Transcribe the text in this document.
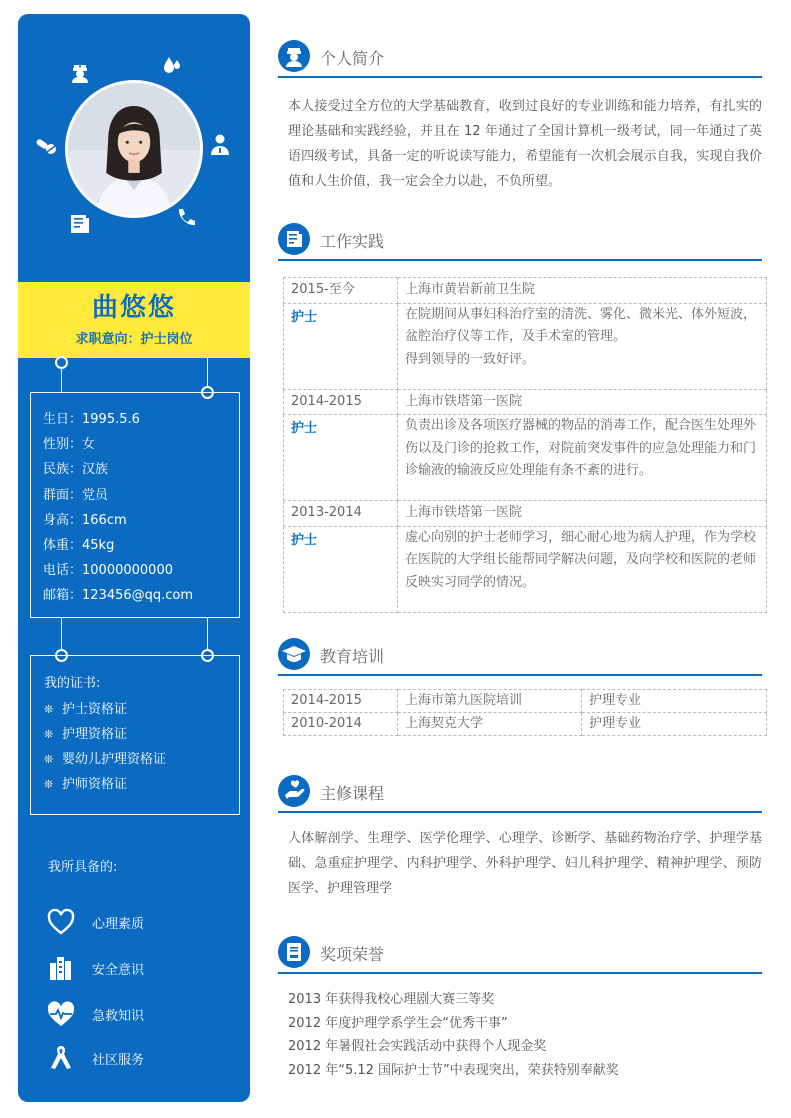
曲悠悠
求职意向：护士岗位
生日：1995.5.6
性别：女
民族：汉族
群面：党员
身高：166cm
体重：45kg
电话：10000000000
邮箱：123456@qq.com
我的证书:
❊ 护士资格证
❊ 护理资格证
❊ 婴幼儿护理资格证
❊ 护师资格证
我所具备的:
心理素质
安全意识
急救知识
社区服务
个人简介
本人接受过全方位的大学基础教育，收到过良好的专业训练和能力培养，有扎实的理论基础和实践经验，并且在 12 年通过了全国计算机一级考试，同一年通过了英语四级考试，具备一定的听说读写能力，希望能有一次机会展示自我，实现自我价值和人生价值，我一定会全力以赴，不负所望。
工作实践
2015-至今	上海市黄岩新前卫生院
护士	在院期间从事妇科治疗室的清洗、雾化、微米光、体外短波，盆腔治疗仪等工作，及手术室的管理。
得到领导的一致好评。

2014-2015	上海市铁塔第一医院
护士	负责出诊及各项医疗器械的物品的消毒工作，配合医生处理外伤以及门诊的抢救工作，对院前突发事件的应急处理能力和门诊输液的输液反应处理能有条不紊的进行。
2013-2014	上海市铁塔第一医院
护士	虚心向别的护士老师学习，细心耐心地为病人护理，作为学校在医院的大学组长能帮同学解决问题，及向学校和医院的老师反映实习同学的情况。
教育培训
2014-2015	上海市第九医院培训	护理专业
2010-2014	上海契克大学	护理专业
主修课程
人体解剖学、生理学、医学伦理学、心理学、诊断学、基础药物治疗学、护理学基础、急重症护理学、内科护理学、外科护理学、妇儿科护理学、精神护理学、预防医学、护理管理学
奖项荣誉
2013 年获得我校心理剧大赛三等奖
2012 年度护理学系学生会“优秀干事”
2012 年暑假社会实践活动中获得个人现金奖
2012 年“5.12 国际护士节”中表现突出，荣获特别奉献奖
